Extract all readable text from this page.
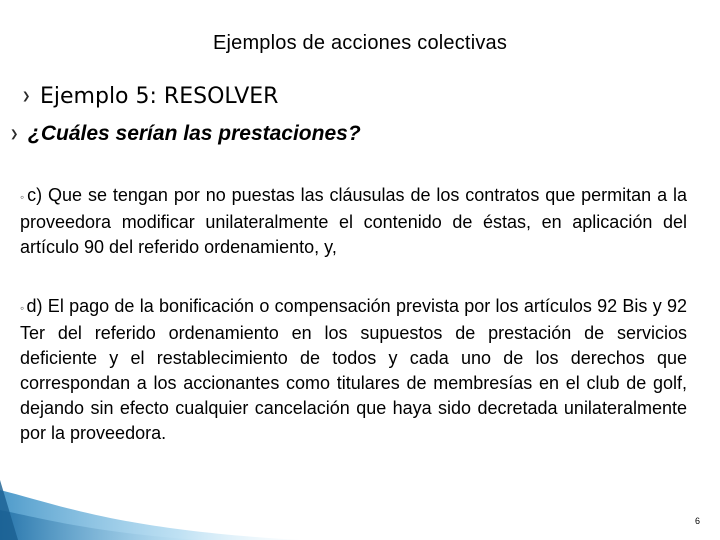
Ejemplos de acciones colectivas
❯ Ejemplo 5: RESOLVER
❯ ¿Cuáles serían las prestaciones?
◦ c) Que se tengan por no puestas las cláusulas de los contratos que permitan a la proveedora modificar unilateralmente el contenido de éstas, en aplicación del artículo 90 del referido ordenamiento, y,
◦ d) El pago de la bonificación o compensación prevista por los artículos 92 Bis y 92 Ter del referido ordenamiento en los supuestos de prestación de servicios deficiente y el restablecimiento de todos y cada uno de los derechos que correspondan a los accionantes como titulares de membresías en el club de golf, dejando sin efecto cualquier cancelación que haya sido decretada unilateralmente por la proveedora.
6
